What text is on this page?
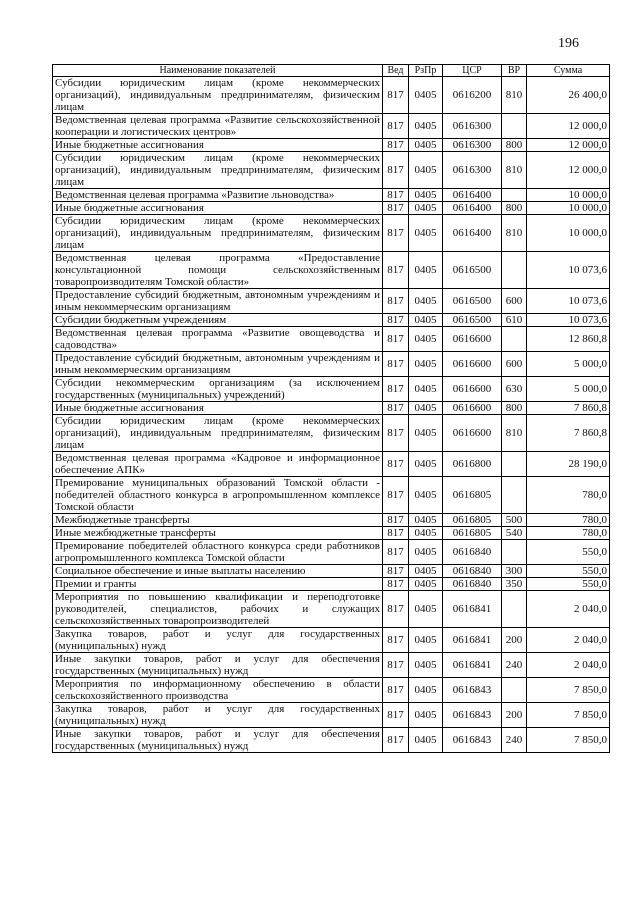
196
Наименование показателей	Вед	РзПр	ЦСР	ВР	Сумма
Субсидии юридическим лицам (кроме некоммерческих организаций), индивидуальным предпринимателям, физическим лицам	817	0405	0616200	810	26 400,0
Ведомственная целевая программа «Развитие сельскохозяйственной кооперации и логистических центров»	817	0405	0616300		12 000,0
Иные бюджетные ассигнования	817	0405	0616300	800	12 000,0
Субсидии юридическим лицам (кроме некоммерческих организаций), индивидуальным предпринимателям, физическим лицам	817	0405	0616300	810	12 000,0
Ведомственная целевая программа «Развитие льноводства»	817	0405	0616400		10 000,0
Иные бюджетные ассигнования	817	0405	0616400	800	10 000,0
Субсидии юридическим лицам (кроме некоммерческих организаций), индивидуальным предпринимателям, физическим лицам	817	0405	0616400	810	10 000,0
Ведомственная целевая программа «Предоставление консультационной помощи сельскохозяйственным товаропроизводителям Томской области»	817	0405	0616500		10 073,6
Предоставление субсидий бюджетным, автономным учреждениям и иным некоммерческим организациям	817	0405	0616500	600	10 073,6
Субсидии бюджетным учреждениям	817	0405	0616500	610	10 073,6
Ведомственная целевая программа «Развитие овощеводства и садоводства»	817	0405	0616600		12 860,8
Предоставление субсидий бюджетным, автономным учреждениям и иным некоммерческим организациям	817	0405	0616600	600	5 000,0
Субсидии некоммерческим организациям (за исключением государственных (муниципальных) учреждений)	817	0405	0616600	630	5 000,0
Иные бюджетные ассигнования	817	0405	0616600	800	7 860,8
Субсидии юридическим лицам (кроме некоммерческих организаций), индивидуальным предпринимателям, физическим лицам	817	0405	0616600	810	7 860,8
Ведомственная целевая программа «Кадровое и информационное обеспечение АПК»	817	0405	0616800		28 190,0
Премирование муниципальных образований Томской области - победителей областного конкурса в агропромышленном комплексе Томской области	817	0405	0616805		780,0
Межбюджетные трансферты	817	0405	0616805	500	780,0
Иные межбюджетные трансферты	817	0405	0616805	540	780,0
Премирование победителей областного конкурса среди работников агропромышленного комплекса Томской области	817	0405	0616840		550,0
Социальное обеспечение и иные выплаты населению	817	0405	0616840	300	550,0
Премии и гранты	817	0405	0616840	350	550,0
Мероприятия по повышению квалификации и переподготовке руководителей, специалистов, рабочих и служащих сельскохозяйственных товаропроизводителей	817	0405	0616841		2 040,0
Закупка товаров, работ и услуг для государственных (муниципальных) нужд	817	0405	0616841	200	2 040,0
Иные закупки товаров, работ и услуг для обеспечения государственных (муниципальных) нужд	817	0405	0616841	240	2 040,0
Мероприятия по информационному обеспечению в области сельскохозяйственного производства	817	0405	0616843		7 850,0
Закупка товаров, работ и услуг для государственных (муниципальных) нужд	817	0405	0616843	200	7 850,0
Иные закупки товаров, работ и услуг для обеспечения государственных (муниципальных) нужд	817	0405	0616843	240	7 850,0
